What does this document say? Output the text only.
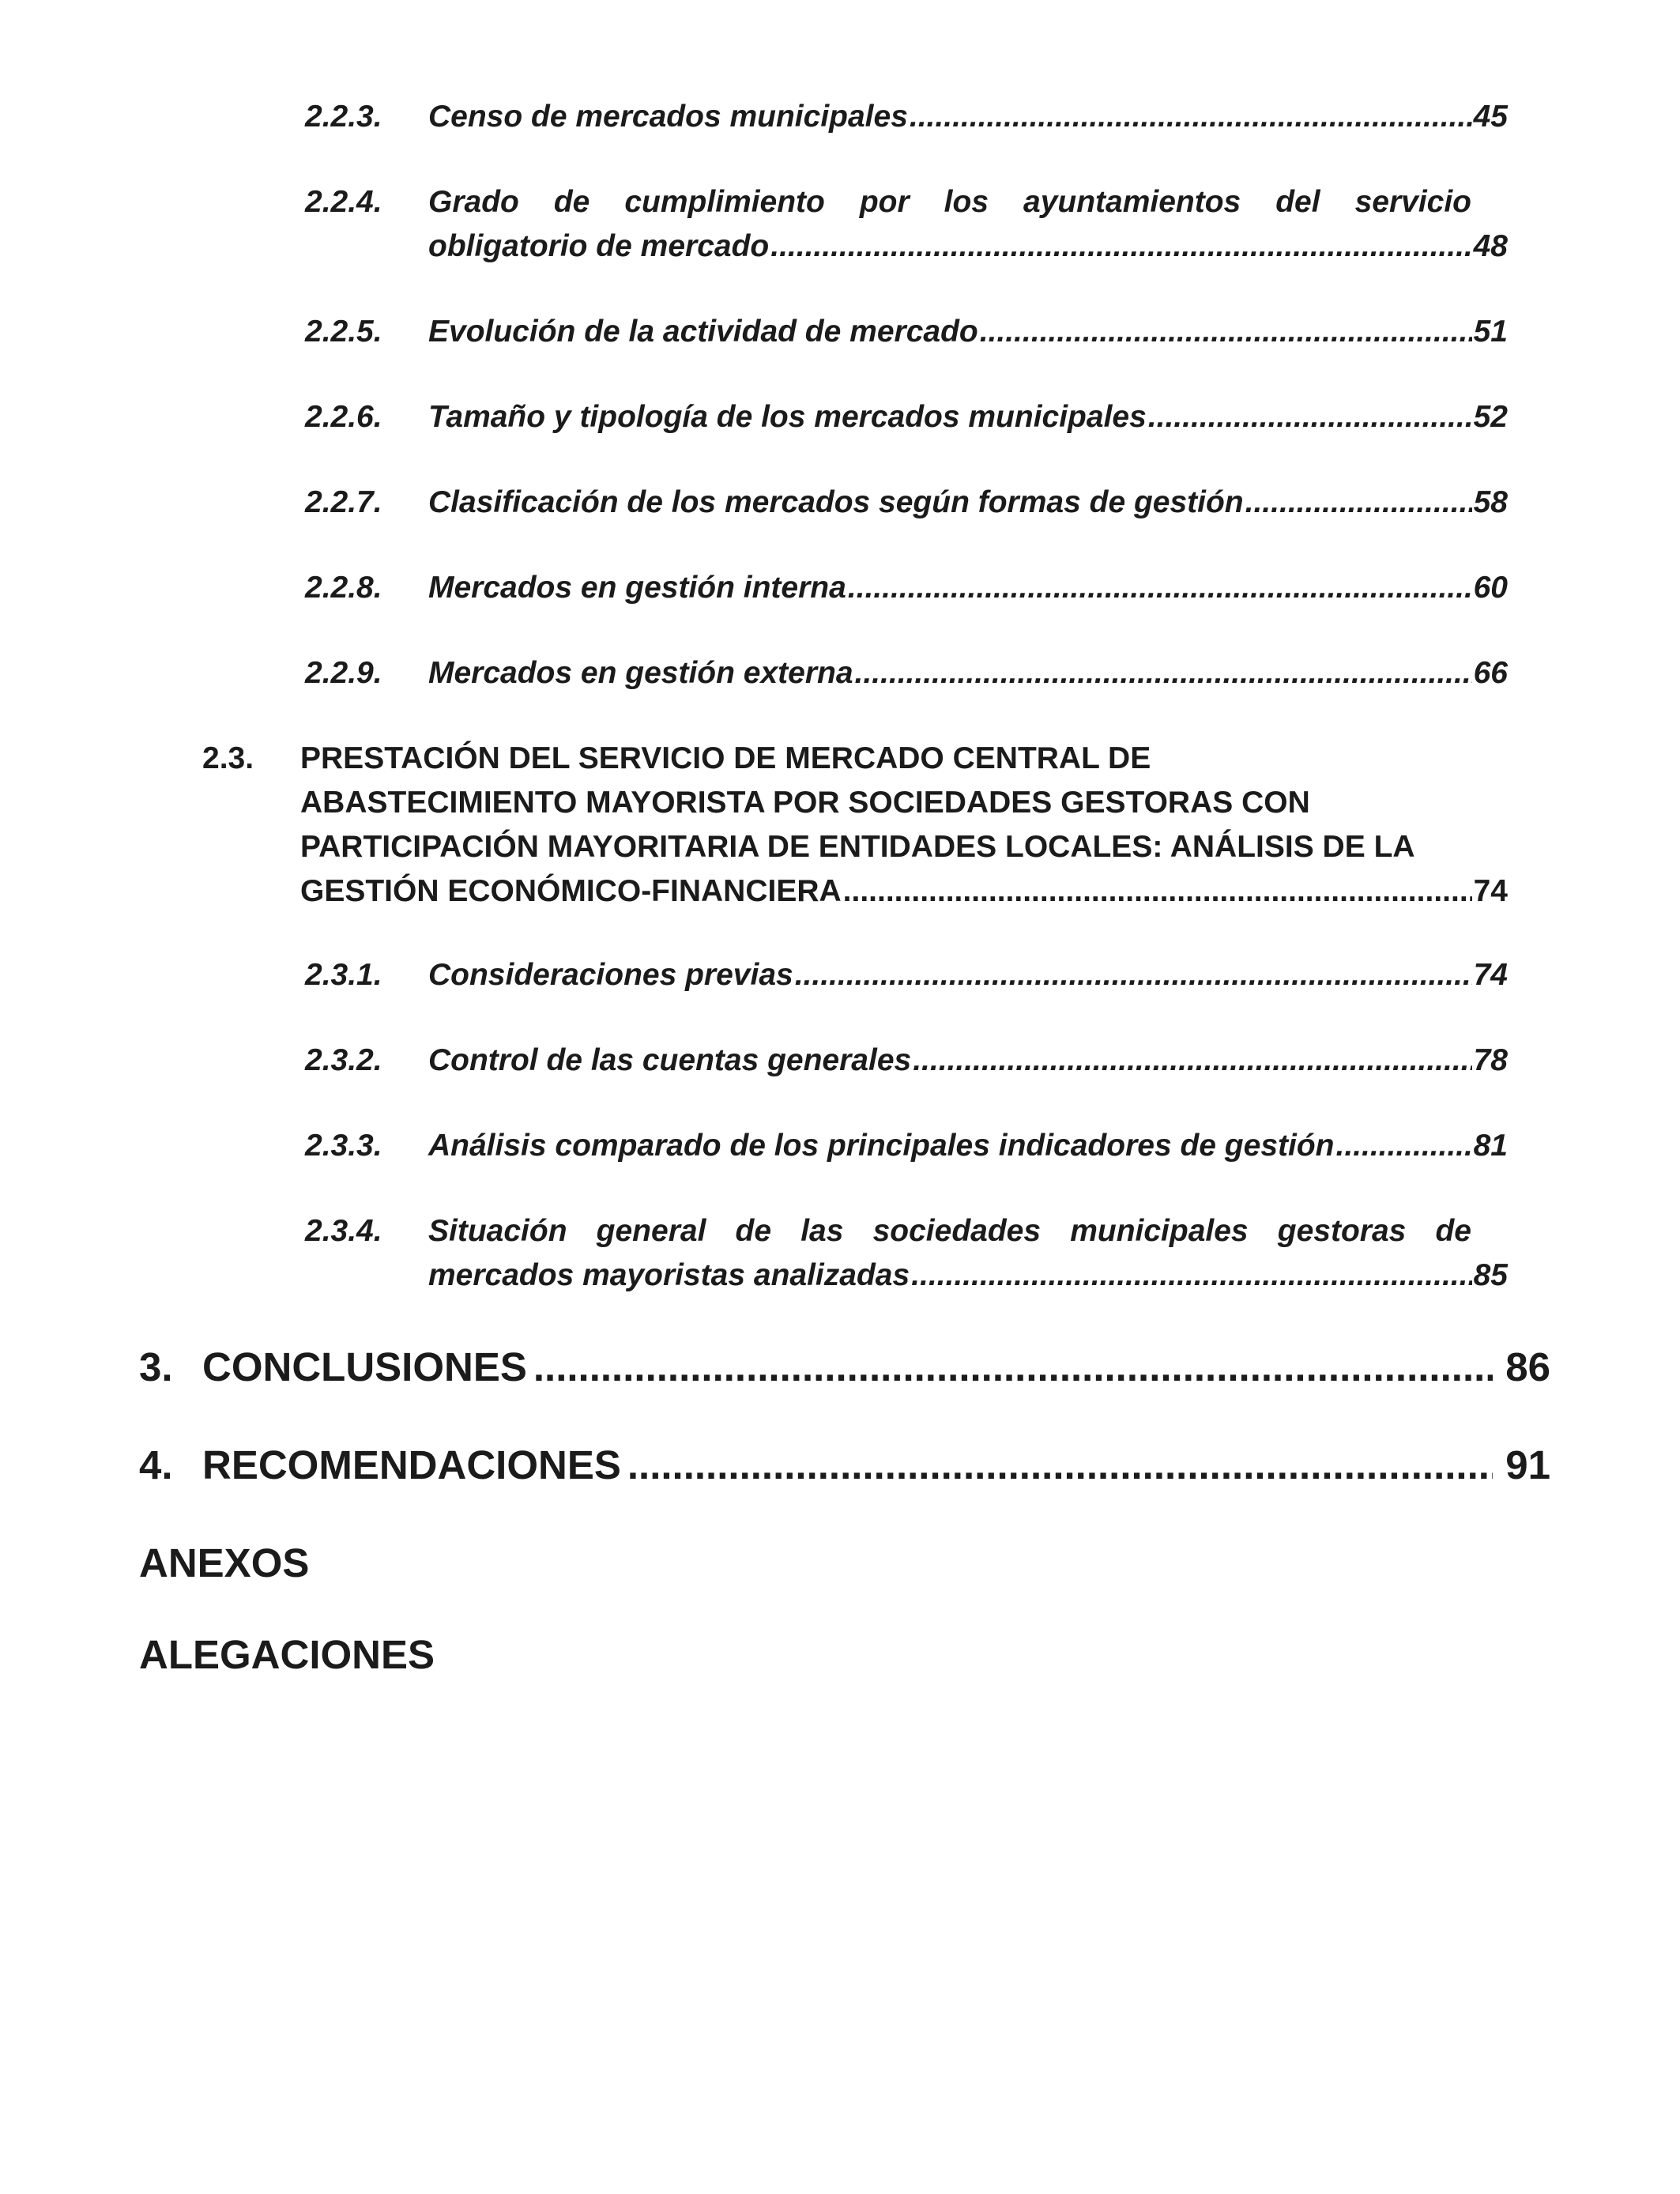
2.2.3. Censo de mercados municipales .....	45
2.2.4. Grado de cumplimiento por los ayuntamientos del servicio
obligatorio de mercado .....	48
2.2.5. Evolución de la actividad de mercado .....	51
2.2.6. Tamaño y tipología de los mercados municipales .....	52
2.2.7. Clasificación de los mercados según formas de gestión .....	58
2.2.8. Mercados en gestión interna .....	60
2.2.9. Mercados en gestión externa .....	66
2.3. PRESTACIÓN DEL SERVICIO DE MERCADO CENTRAL DE
ABASTECIMIENTO MAYORISTA POR SOCIEDADES GESTORAS CON
PARTICIPACIÓN MAYORITARIA DE ENTIDADES LOCALES: ANÁLISIS DE LA
GESTIÓN ECONÓMICO-FINANCIERA .....	74
2.3.1. Consideraciones previas .....	74
2.3.2. Control de las cuentas generales .....	78
2.3.3. Análisis comparado de los principales indicadores de gestión .....	81
2.3.4. Situación general de las sociedades municipales gestoras de
mercados mayoristas analizadas .....	85
3. CONCLUSIONES .....	86
4. RECOMENDACIONES .....	91
ANEXOS
ALEGACIONES
